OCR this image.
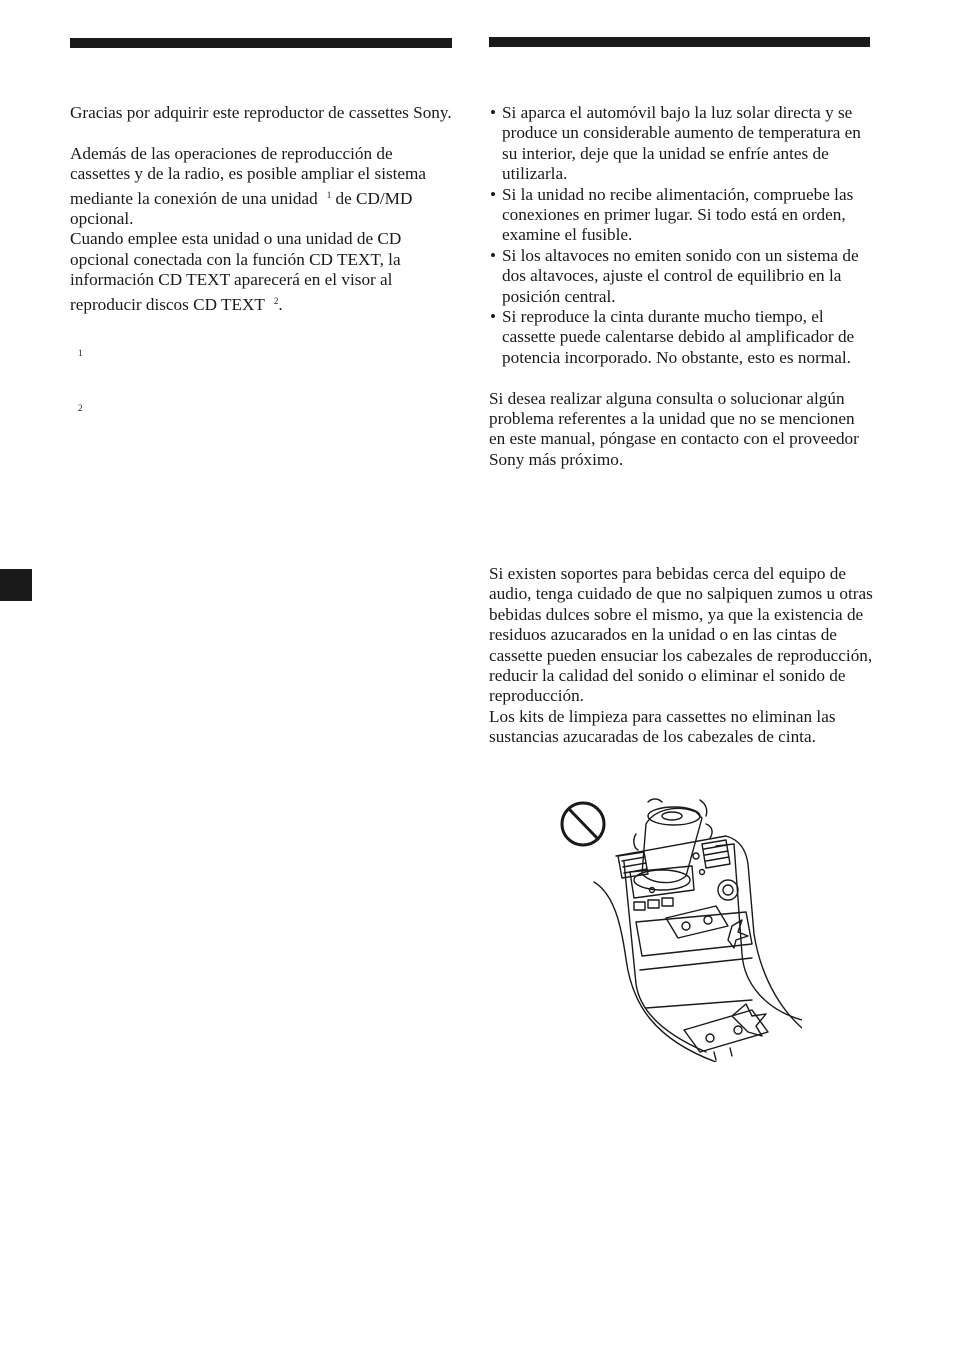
Gracias por adquirir este reproductor de cassettes Sony.

Además de las operaciones de reproducción de cassettes y de la radio, es posible ampliar el sistema mediante la conexión de una unidad $^1$ de CD/MD opcional.

Cuando emplee esta unidad o una unidad de CD opcional conectada con la función CD TEXT, la información CD TEXT aparecerá en el visor al reproducir discos CD TEXT $^2$.

1
2
• Si aparca el automóvil bajo la luz solar directa y se produce un considerable aumento de temperatura en su interior, deje que la unidad se enfríe antes de utilizarla.
• Si la unidad no recibe alimentación, compruebe las conexiones en primer lugar. Si todo está en orden, examine el fusible.
• Si los altavoces no emiten sonido con un sistema de dos altavoces, ajuste el control de equilibrio en la posición central.
• Si reproduce la cinta durante mucho tiempo, el cassette puede calentarse debido al amplificador de potencia incorporado. No obstante, esto es normal.

Si desea realizar alguna consulta o solucionar algún problema referentes a la unidad que no se mencionen en este manual, póngase en contacto con el proveedor Sony más próximo.

Si existen soportes para bebidas cerca del equipo de audio, tenga cuidado de que no salpiquen zumos u otras bebidas dulces sobre el mismo, ya que la existencia de residuos azucarados en la unidad o en las cintas de cassette pueden ensuciar los cabezales de reproducción, reducir la calidad del sonido o eliminar el sonido de reproducción.

Los kits de limpieza para cassettes no eliminan las sustancias azucaradas de los cabezales de cinta.
